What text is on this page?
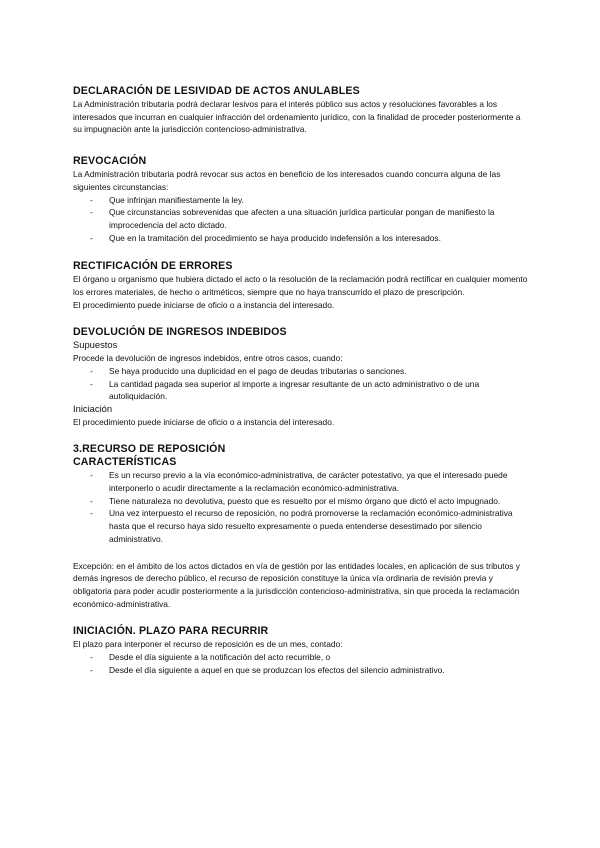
DECLARACIÓN DE LESIVIDAD DE ACTOS ANULABLES

La Administración tributaria podrá declarar lesivos para el interés público sus actos y resoluciones favorables a los interesados que incurran en cualquier infracción del ordenamiento jurídico, con la finalidad de proceder posteriormente a su impugnación ante la jurisdicción contencioso-administrativa.

REVOCACIÓN

La Administración tributaria podrá revocar sus actos en beneficio de los interesados cuando concurra alguna de las siguientes circunstancias:

- Que infrinjan manifiestamente la ley.
- Que circunstancias sobrevenidas que afecten a una situación jurídica particular pongan de manifiesto la improcedencia del acto dictado.
- Que en la tramitación del procedimiento se haya producido indefensión a los interesados.
RECTIFICACIÓN DE ERRORES

El órgano u organismo que hubiera dictado el acto o la resolución de la reclamación podrá rectificar en cualquier momento los errores materiales, de hecho o aritméticos, siempre que no haya transcurrido el plazo de prescripción.

El procedimiento puede iniciarse de oficio o a instancia del interesado.

DEVOLUCIÓN DE INGRESOS INDEBIDOS
Supuestos

Procede la devolución de ingresos indebidos, entre otros casos, cuando:

- Se haya producido una duplicidad en el pago de deudas tributarias o sanciones.
- La cantidad pagada sea superior al importe a ingresar resultante de un acto administrativo o de una autoliquidación.
Iniciación

El procedimiento puede iniciarse de oficio o a instancia del interesado.

3.RECURSO DE REPOSICIÓN
CARACTERÍSTICAS
- Es un recurso previo a la vía económico-administrativa, de carácter potestativo, ya que el interesado puede interponerlo o acudir directamente a la reclamación económico-administrativa.
- Tiene naturaleza no devolutiva, puesto que es resuelto por el mismo órgano que dictó el acto impugnado.
- Una vez interpuesto el recurso de reposición, no podrá promoverse la reclamación económico-administrativa hasta que el recurso haya sido resuelto expresamente o pueda entenderse desestimado por silencio administrativo.

Excepción: en el ámbito de los actos dictados en vía de gestión por las entidades locales, en aplicación de sus tributos y demás ingresos de derecho público, el recurso de reposición constituye la única vía ordinaria de revisión previa y obligatoria para poder acudir posteriormente a la jurisdicción contencioso-administrativa, sin que proceda la reclamación económico-administrativa.

INICIACIÓN. PLAZO PARA RECURRIR

El plazo para interponer el recurso de reposición es de un mes, contado:

- Desde el día siguiente a la notificación del acto recurrible, o
- Desde el día siguiente a aquel en que se produzcan los efectos del silencio administrativo.
